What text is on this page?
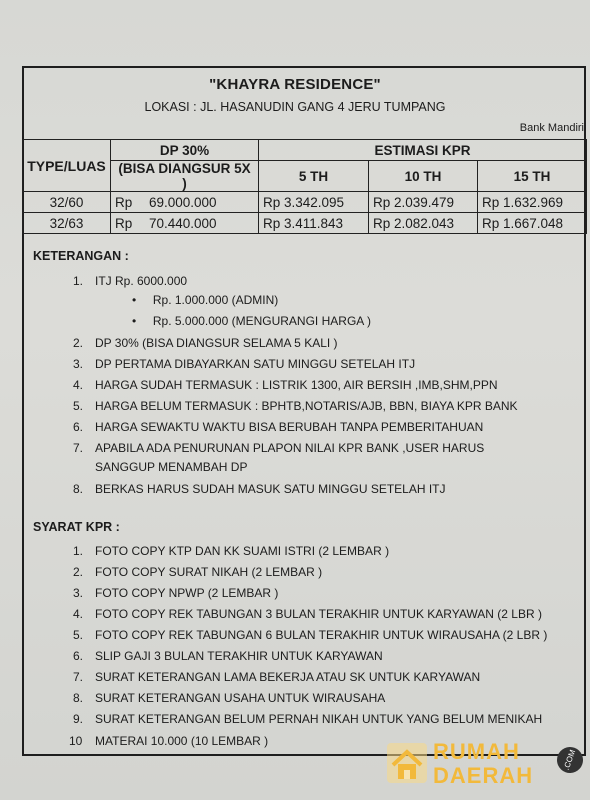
"KHAYRA RESIDENCE"
LOKASI : JL. HASANUDIN GANG 4 JERU TUMPANG
Bank Mandiri
TYPE/LUAS	DP 30%	ESTIMASI KPR		
	(BISA DIANGSUR 5X )	5 TH	10 TH	15 TH
32/60	Rp 69.000.000	Rp 3.342.095	Rp 2.039.479	Rp 1.632.969
32/63	Rp 70.440.000	Rp 3.411.843	Rp 2.082.043	Rp 1.667.048
KETERANGAN :
1. ITJ Rp. 6000.000
•     Rp. 1.000.000 (ADMIN)
•     Rp. 5.000.000 (MENGURANGI HARGA )
2. DP 30% (BISA DIANGSUR SELAMA 5 KALI )
3. DP PERTAMA DIBAYARKAN SATU MINGGU SETELAH ITJ
4. HARGA SUDAH TERMASUK : LISTRIK 1300, AIR BERSIH ,IMB,SHM,PPN
5. HARGA BELUM TERMASUK : BPHTB,NOTARIS/AJB, BBN, BIAYA KPR BANK
6. HARGA SEWAKTU WAKTU BISA BERUBAH TANPA PEMBERITAHUAN
7. APABILA ADA PENURUNAN PLAPON NILAI KPR BANK ,USER HARUS
SANGGUP MENAMBAH DP
8. BERKAS HARUS SUDAH MASUK SATU MINGGU SETELAH ITJ
SYARAT KPR :
1. FOTO COPY KTP DAN KK SUAMI ISTRI (2 LEMBAR )
2. FOTO COPY SURAT NIKAH (2 LEMBAR )
3. FOTO COPY NPWP (2 LEMBAR )
4. FOTO COPY REK TABUNGAN 3 BULAN TERAKHIR UNTUK KARYAWAN (2 LBR )
5. FOTO COPY REK TABUNGAN 6 BULAN TERAKHIR UNTUK WIRAUSAHA (2 LBR )
6. SLIP GAJI 3 BULAN TERAKHIR UNTUK KARYAWAN
7. SURAT KETERANGAN LAMA BEKERJA ATAU SK UNTUK KARYAWAN
8. SURAT KETERANGAN USAHA UNTUK WIRAUSAHA
9. SURAT KETERANGAN BELUM PERNAH NIKAH UNTUK YANG BELUM MENIKAH
10 MATERAI 10.000 (10 LEMBAR )	RUMAH
DAERAH
.COM
